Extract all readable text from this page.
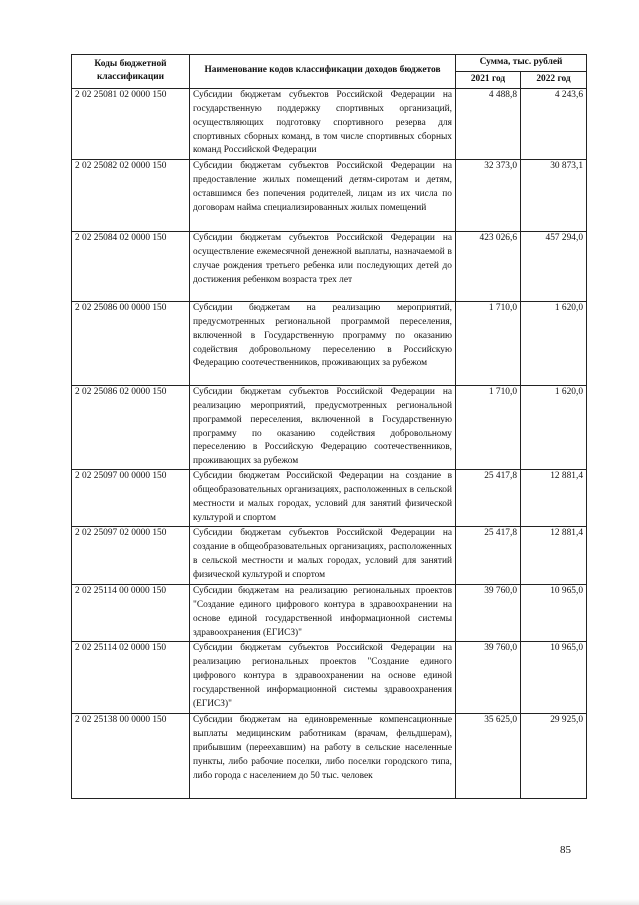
Коды бюджетной классификации	Наименование кодов классификации доходов бюджетов	Сумма, тыс. рублей	
		2021 год	2022 год
2 02 25081 02 0000 150	Субсидии бюджетам субъектов Российской Федерации на государственную поддержку спортивных организаций, осуществляющих подготовку спортивного резерва для спортивных сборных команд, в том числе спортивных сборных команд Российской Федерации	4 488,8	4 243,6
2 02 25082 02 0000 150	Субсидии бюджетам субъектов Российской Федерации на предоставление жилых помещений детям-сиротам и детям, оставшимся без попечения родителей, лицам из их числа по договорам найма специализированных жилых помещений	32 373,0	30 873,1
2 02 25084 02 0000 150	Субсидии бюджетам субъектов Российской Федерации на осуществление ежемесячной денежной выплаты, назначаемой в случае рождения третьего ребенка или последующих детей до достижения ребенком возраста трех лет	423 026,6	457 294,0
2 02 25086 00 0000 150	Субсидии бюджетам на реализацию мероприятий, предусмотренных региональной программой переселения, включенной в Государственную программу по оказанию содействия добровольному переселению в Российскую Федерацию соотечественников, проживающих за рубежом	1 710,0	1 620,0
2 02 25086 02 0000 150	Субсидии бюджетам субъектов Российской Федерации на реализацию мероприятий, предусмотренных региональной программой переселения, включенной в Государственную программу по оказанию содействия добровольному переселению в Российскую Федерацию соотечественников, проживающих за рубежом	1 710,0	1 620,0
2 02 25097 00 0000 150	Субсидии бюджетам Российской Федерации на создание в общеобразовательных организациях, расположенных в сельской местности и малых городах, условий для занятий физической культурой и спортом	25 417,8	12 881,4
2 02 25097 02 0000 150	Субсидии бюджетам субъектов Российской Федерации на создание в общеобразовательных организациях, расположенных в сельской местности и малых городах, условий для занятий физической культурой и спортом	25 417,8	12 881,4
2 02 25114 00 0000 150	Субсидии бюджетам на реализацию региональных проектов "Создание единого цифрового контура в здравоохранении на основе единой государственной информационной системы здравоохранения (ЕГИСЗ)"	39 760,0	10 965,0
2 02 25114 02 0000 150	Субсидии бюджетам субъектов Российской Федерации на реализацию региональных проектов "Создание единого цифрового контура в здравоохранении на основе единой государственной информационной системы здравоохранения (ЕГИСЗ)"	39 760,0	10 965,0
2 02 25138 00 0000 150	Субсидии бюджетам на единовременные компенсационные выплаты медицинским работникам (врачам, фельдшерам), прибывшим (переехавшим) на работу в сельские населенные пункты, либо рабочие поселки, либо поселки городского типа, либо города с населением до 50 тыс. человек	35 625,0	29 925,0
85
